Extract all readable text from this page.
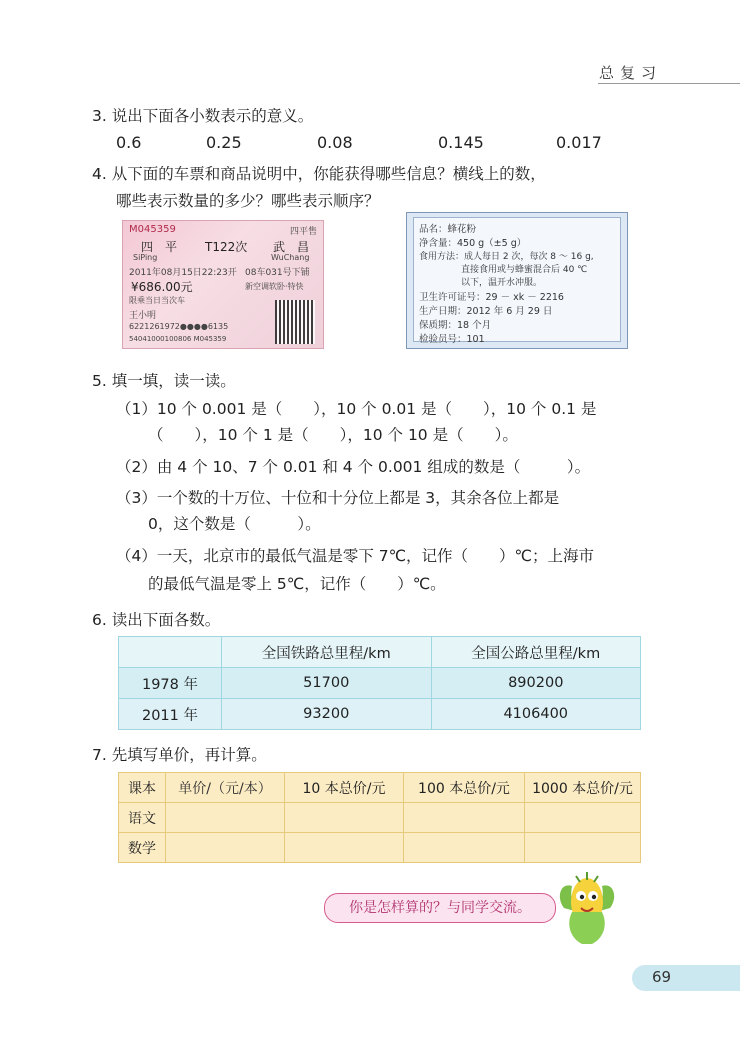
总复习
3. 说出下面各小数表示的意义。
0.6	0.25	0.08	0.145	0.017
4. 从下面的车票和商品说明中，你能获得哪些信息？横线上的数，
哪些表示数量的多少？哪些表示顺序？
M045359	四平售
四　平 T122次 武　昌
SiPing	WuChang
2011年08月15日22:23开 08车031号下铺
¥686.00元	新空调软卧·特快
限乘当日当次车
王小明
6221261972●●●●6135
54041000100806 M045359
品名：蜂花粉
净含量：450 g（±5 g）
食用方法：成人每日 2 次，每次 8 ～ 16 g,
直接食用或与蜂蜜混合后 40 ℃
以下，温开水冲服。
卫生许可证号：29 － xk － 2216
生产日期：2012 年 6 月 29 日
保质期：18 个月
检验员号：101
5. 填一填，读一读。
（1）10 个 0.001 是（　　），10 个 0.01 是（　　），10 个 0.1 是
（　　），10 个 1 是（　　），10 个 10 是（　　）。
（2）由 4 个 10、7 个 0.01 和 4 个 0.001 组成的数是（　　　）。
（3）一个数的十万位、十位和十分位上都是 3，其余各位上都是
0，这个数是（　　　）。
（4）一天，北京市的最低气温是零下 7℃，记作（　　）℃；上海市
的最低气温是零上 5℃，记作（　　）℃。
6. 读出下面各数。
	全国铁路总里程/km	全国公路总里程/km
1978 年	51700	890200
2011 年	93200	4106400
7. 先填写单价，再计算。
课本	单价/（元/本）	10 本总价/元	100 本总价/元	1000 本总价/元
语文				
数学				
你是怎样算的？与同学交流。
69
